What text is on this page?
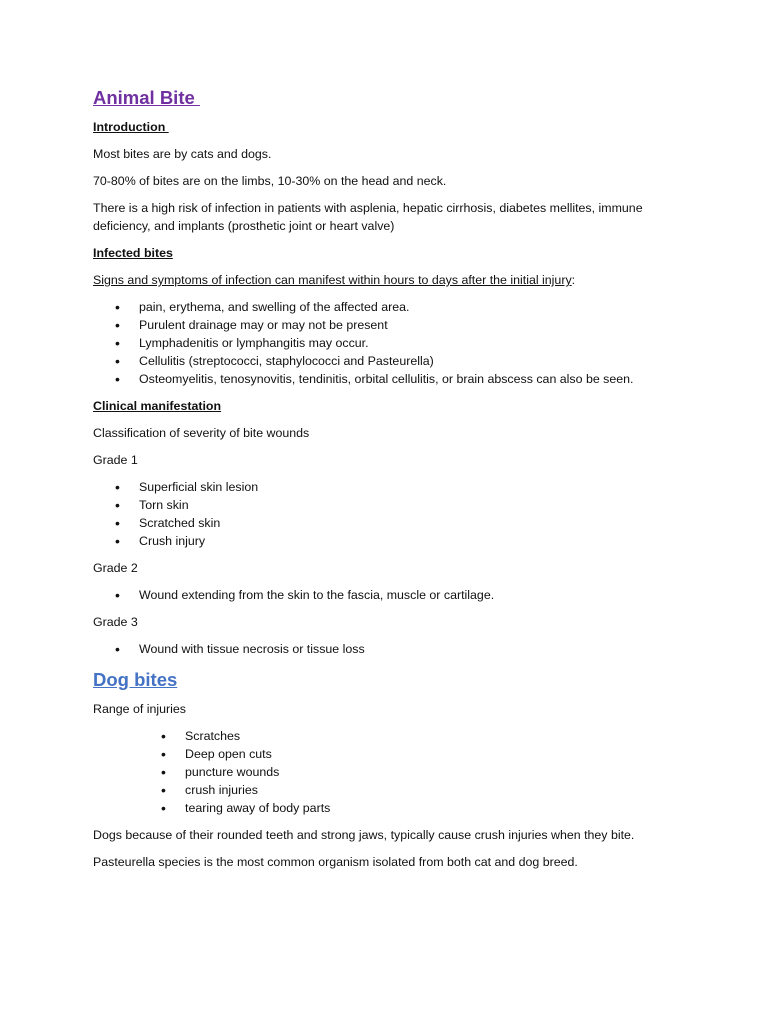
Animal Bite
Introduction

Most bites are by cats and dogs.

70-80% of bites are on the limbs, 10-30% on the head and neck.

There is a high risk of infection in patients with asplenia, hepatic cirrhosis, diabetes mellites, immune deficiency, and implants (prosthetic joint or heart valve)

Infected bites

Signs and symptoms of infection can manifest within hours to days after the initial injury:

• pain, erythema, and swelling of the affected area.
• Purulent drainage may or may not be present
• Lymphadenitis or lymphangitis may occur.
• Cellulitis (streptococci, staphylococci and Pasteurella)
• Osteomyelitis, tenosynovitis, tendinitis, orbital cellulitis, or brain abscess can also be seen.
Clinical manifestation

Classification of severity of bite wounds

Grade 1

• Superficial skin lesion
• Torn skin
• Scratched skin
• Crush injury

Grade 2

• Wound extending from the skin to the fascia, muscle or cartilage.

Grade 3

• Wound with tissue necrosis or tissue loss
Dog bites

Range of injuries

• Scratches
• Deep open cuts
• puncture wounds
• crush injuries
• tearing away of body parts

Dogs because of their rounded teeth and strong jaws, typically cause crush injuries when they bite.

Pasteurella species is the most common organism isolated from both cat and dog breed.
